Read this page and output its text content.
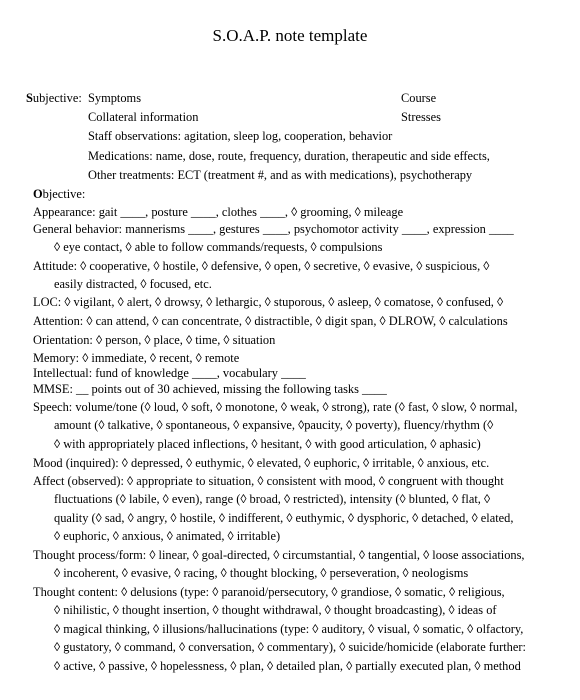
S.O.A.P. note template
Subjective: Symptoms	Course
Collateral information	Stresses
Staff observations: agitation, sleep log, cooperation, behavior
Medications: name, dose, route, frequency, duration, therapeutic and side effects,
Other treatments: ECT (treatment #, and as with medications), psychotherapy
Objective:
Appearance: gait ____, posture ____, clothes ____, ◊ grooming, ◊ mileage
General behavior: mannerisms ____, gestures ____, psychomotor activity ____, expression ____
◊ eye contact, ◊ able to follow commands/requests, ◊ compulsions
Attitude: ◊ cooperative, ◊ hostile, ◊ defensive, ◊ open, ◊ secretive, ◊ evasive, ◊ suspicious, ◊
easily distracted, ◊ focused, etc.
LOC: ◊ vigilant, ◊ alert, ◊ drowsy, ◊ lethargic, ◊ stuporous, ◊ asleep, ◊ comatose, ◊ confused, ◊
Attention: ◊ can attend, ◊ can concentrate, ◊ distractible, ◊ digit span, ◊ DLROW, ◊ calculations
Orientation: ◊ person, ◊ place, ◊ time, ◊ situation
Memory: ◊ immediate, ◊ recent, ◊ remote
Intellectual: fund of knowledge ____, vocabulary ____
MMSE: __ points out of 30 achieved, missing the following tasks ____
Speech: volume/tone (◊ loud, ◊ soft, ◊ monotone, ◊ weak, ◊ strong), rate (◊ fast, ◊ slow, ◊ normal,
amount (◊ talkative, ◊ spontaneous, ◊ expansive, ◊paucity, ◊ poverty), fluency/rhythm (◊
◊ with appropriately placed inflections, ◊ hesitant, ◊ with good articulation, ◊ aphasic)
Mood (inquired): ◊ depressed, ◊ euthymic, ◊ elevated, ◊ euphoric, ◊ irritable, ◊ anxious, etc.
Affect (observed): ◊ appropriate to situation, ◊ consistent with mood, ◊ congruent with thought
fluctuations (◊ labile, ◊ even), range (◊ broad, ◊ restricted), intensity (◊ blunted, ◊ flat, ◊
quality (◊ sad, ◊ angry, ◊ hostile, ◊ indifferent, ◊ euthymic, ◊ dysphoric, ◊ detached, ◊ elated,
◊ euphoric, ◊ anxious, ◊ animated, ◊ irritable)
Thought process/form: ◊ linear, ◊ goal-directed, ◊ circumstantial, ◊ tangential, ◊ loose associations,
◊ incoherent, ◊ evasive, ◊ racing, ◊ thought blocking, ◊ perseveration, ◊ neologisms
Thought content: ◊ delusions (type: ◊ paranoid/persecutory, ◊ grandiose, ◊ somatic, ◊ religious,
◊ nihilistic, ◊ thought insertion, ◊ thought withdrawal, ◊ thought broadcasting), ◊ ideas of
◊ magical thinking, ◊ illusions/hallucinations (type: ◊ auditory, ◊ visual, ◊ somatic, ◊ olfactory,
◊ gustatory, ◊ command, ◊ conversation, ◊ commentary), ◊ suicide/homicide (elaborate further:
◊ active, ◊ passive, ◊ hopelessness, ◊ plan, ◊ detailed plan, ◊ partially executed plan, ◊ method
